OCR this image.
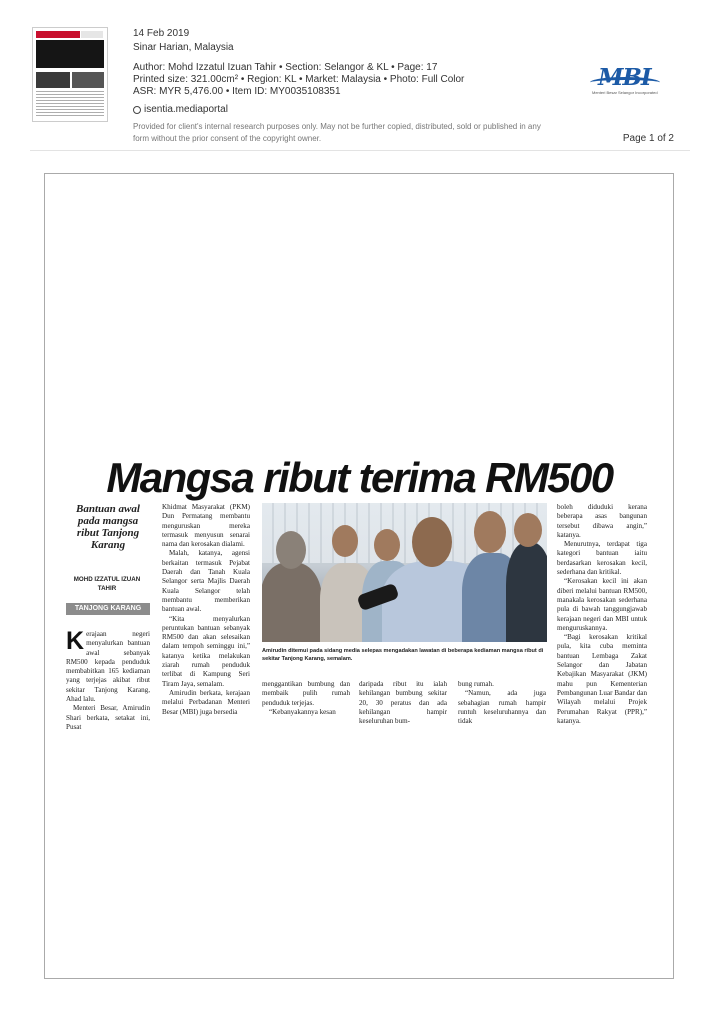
14 Feb 2019
Sinar Harian, Malaysia
Author: Mohd Izzatul Izuan Tahir • Section: Selangor & KL • Page: 17
Printed size: 321.00cm² • Region: KL • Market: Malaysia • Photo: Full Color
ASR: MYR 5,476.00 • Item ID: MY0035108351
isentia.mediaportal
Provided for client's internal research purposes only. May not be further copied, distributed, sold or published in any form without the prior consent of the copyright owner.	Page 1 of 2
MBI
Menteri Besar Selangor Incorporated
Mangsa ribut terima RM500
Bantuan awal pada mangsa ribut Tanjong Karang
MOHD IZZATUL IZUAN TAHIR
TANJONG KARANG

Kerajaan negeri menyalurkan bantuan awal sebanyak RM500 kepada penduduk membabitkan 165 kediaman yang terjejas akibat ribut sekitar Tanjong Karang, Ahad lalu.

Menteri Besar, Amirudin Shari berkata, setakat ini, Pusat

Khidmat Masyarakat (PKM) Dun Permatang membantu menguruskan mereka termasuk menyusun senarai nama dan kerosakan dialami.

Malah, katanya, agensi berkaitan termasuk Pejabat Daerah dan Tanah Kuala Selangor serta Majlis Daerah Kuala Selangor telah membantu memberikan bantuan awal.

“Kita menyalurkan peruntukan bantuan sebanyak RM500 dan akan selesaikan dalam tempoh seminggu ini,” katanya ketika melakukan ziarah rumah penduduk terlibat di Kampung Seri Tiram Jaya, semalam.

Amirudin berkata, kerajaan melalui Perbadanan Menteri Besar (MBI) juga bersedia

Amirudin ditemui pada sidang media selepas mengadakan lawatan di beberapa kediaman mangsa ribut di sekitar Tanjong Karang, semalam.

menggantikan bumbung dan membaik pulih rumah penduduk terjejas.

“Kebanyakannya kesan

daripada ribut itu ialah kehilangan bumbung sekitar 20, 30 peratus dan ada kehilangan hampir keseluruhan bum-

bung rumah.

“Namun, ada juga sebahagian rumah hampir runtuh keseluruhannya dan tidak

boleh diduduki kerana beberapa asas bangunan tersebut dibawa angin,” katanya.

Menurutnya, terdapat tiga kategori bantuan iaitu berdasarkan kerosakan kecil, sederhana dan kritikal.

“Kerosakan kecil ini akan diberi melalui bantuan RM500, manakala kerosakan sederhana pula di bawah tanggungjawab kerajaan negeri dan MBI untuk menguruskannya.

“Bagi kerosakan kritikal pula, kita cuba meminta bantuan Lembaga Zakat Selangor dan Jabatan Kebajikan Masyarakat (JKM) mahu pun Kementerian Pembangunan Luar Bandar dan Wilayah melalui Projek Perumahan Rakyat (PPR),” katanya.
